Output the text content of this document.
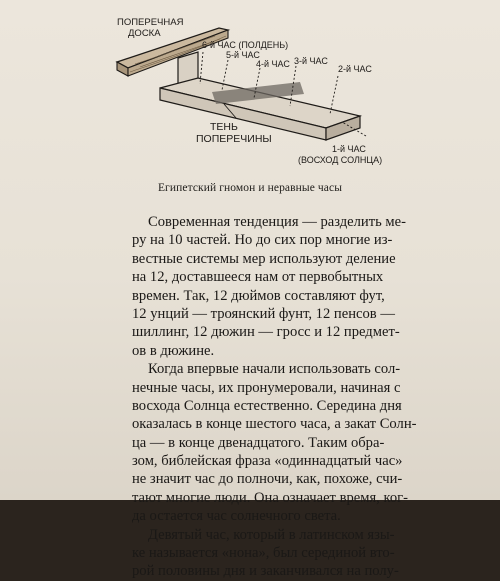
ПОПЕРЕЧНАЯ
ДОСКА
6-й ЧАС (ПОЛДЕНЬ)
5-й ЧАС
4-й ЧАС 3-й ЧАС
2-й ЧАС
ТЕНЬ
ПОПЕРЕЧИНЫ
1-й ЧАС
(ВОСХОД СОЛНЦА)

Египетский гномон и неравные часы

Современная тенденция — разделить ме-
ру на 10 частей. Но до сих пор многие из-
вестные системы мер используют деление
на 12, доставшееся нам от первобытных
времен. Так, 12 дюймов составляют фут,
12 унций — троянский фунт, 12 пенсов —
шиллинг, 12 дюжин — гросс и 12 предмет-
ов в дюжине.
Когда впервые начали использовать сол-
нечные часы, их пронумеровали, начиная с
восхода Солнца естественно. Середина дня
оказалась в конце шестого часа, а закат Солн-
ца — в конце двенадцатого. Таким обра-
зом, библейская фраза «одиннадцатый час»
не значит час до полночи, как, похоже, счи-
тают многие люди. Она означает время, ког-
да остается час солнечного света.
Девятый час, который в латинском язы-
ке называется «нона», был серединой вто-
рой половины дня и заканчивался на полу-
